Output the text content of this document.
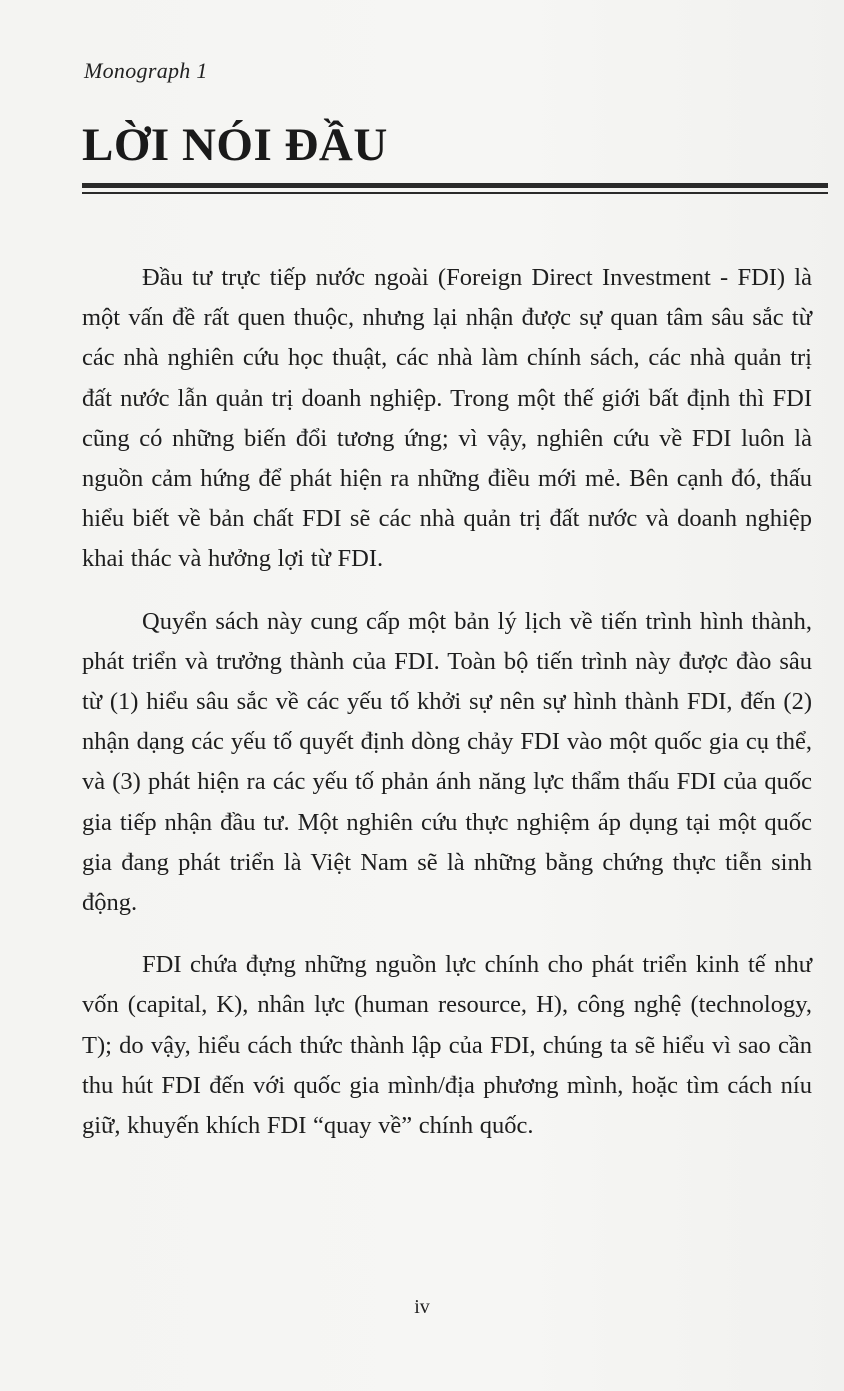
Monograph 1
LỜI NÓI ĐẦU

Đầu tư trực tiếp nước ngoài (Foreign Direct Investment - FDI) là một vấn đề rất quen thuộc, nhưng lại nhận được sự quan tâm sâu sắc từ các nhà nghiên cứu học thuật, các nhà làm chính sách, các nhà quản trị đất nước lẫn quản trị doanh nghiệp. Trong một thế giới bất định thì FDI cũng có những biến đổi tương ứng; vì vậy, nghiên cứu về FDI luôn là nguồn cảm hứng để phát hiện ra những điều mới mẻ. Bên cạnh đó, thấu hiểu biết về bản chất FDI sẽ các nhà quản trị đất nước và doanh nghiệp khai thác và hưởng lợi từ FDI.

Quyển sách này cung cấp một bản lý lịch về tiến trình hình thành, phát triển và trưởng thành của FDI. Toàn bộ tiến trình này được đào sâu từ (1) hiểu sâu sắc về các yếu tố khởi sự nên sự hình thành FDI, đến (2) nhận dạng các yếu tố quyết định dòng chảy FDI vào một quốc gia cụ thể, và (3) phát hiện ra các yếu tố phản ánh năng lực thẩm thấu FDI của quốc gia tiếp nhận đầu tư. Một nghiên cứu thực nghiệm áp dụng tại một quốc gia đang phát triển là Việt Nam sẽ là những bằng chứng thực tiễn sinh động.

FDI chứa đựng những nguồn lực chính cho phát triển kinh tế như vốn (capital, K), nhân lực (human resource, H), công nghệ (technology, T); do vậy, hiểu cách thức thành lập của FDI, chúng ta sẽ hiểu vì sao cần thu hút FDI đến với quốc gia mình/địa phương mình, hoặc tìm cách níu giữ, khuyến khích FDI “quay về” chính quốc.

iv
